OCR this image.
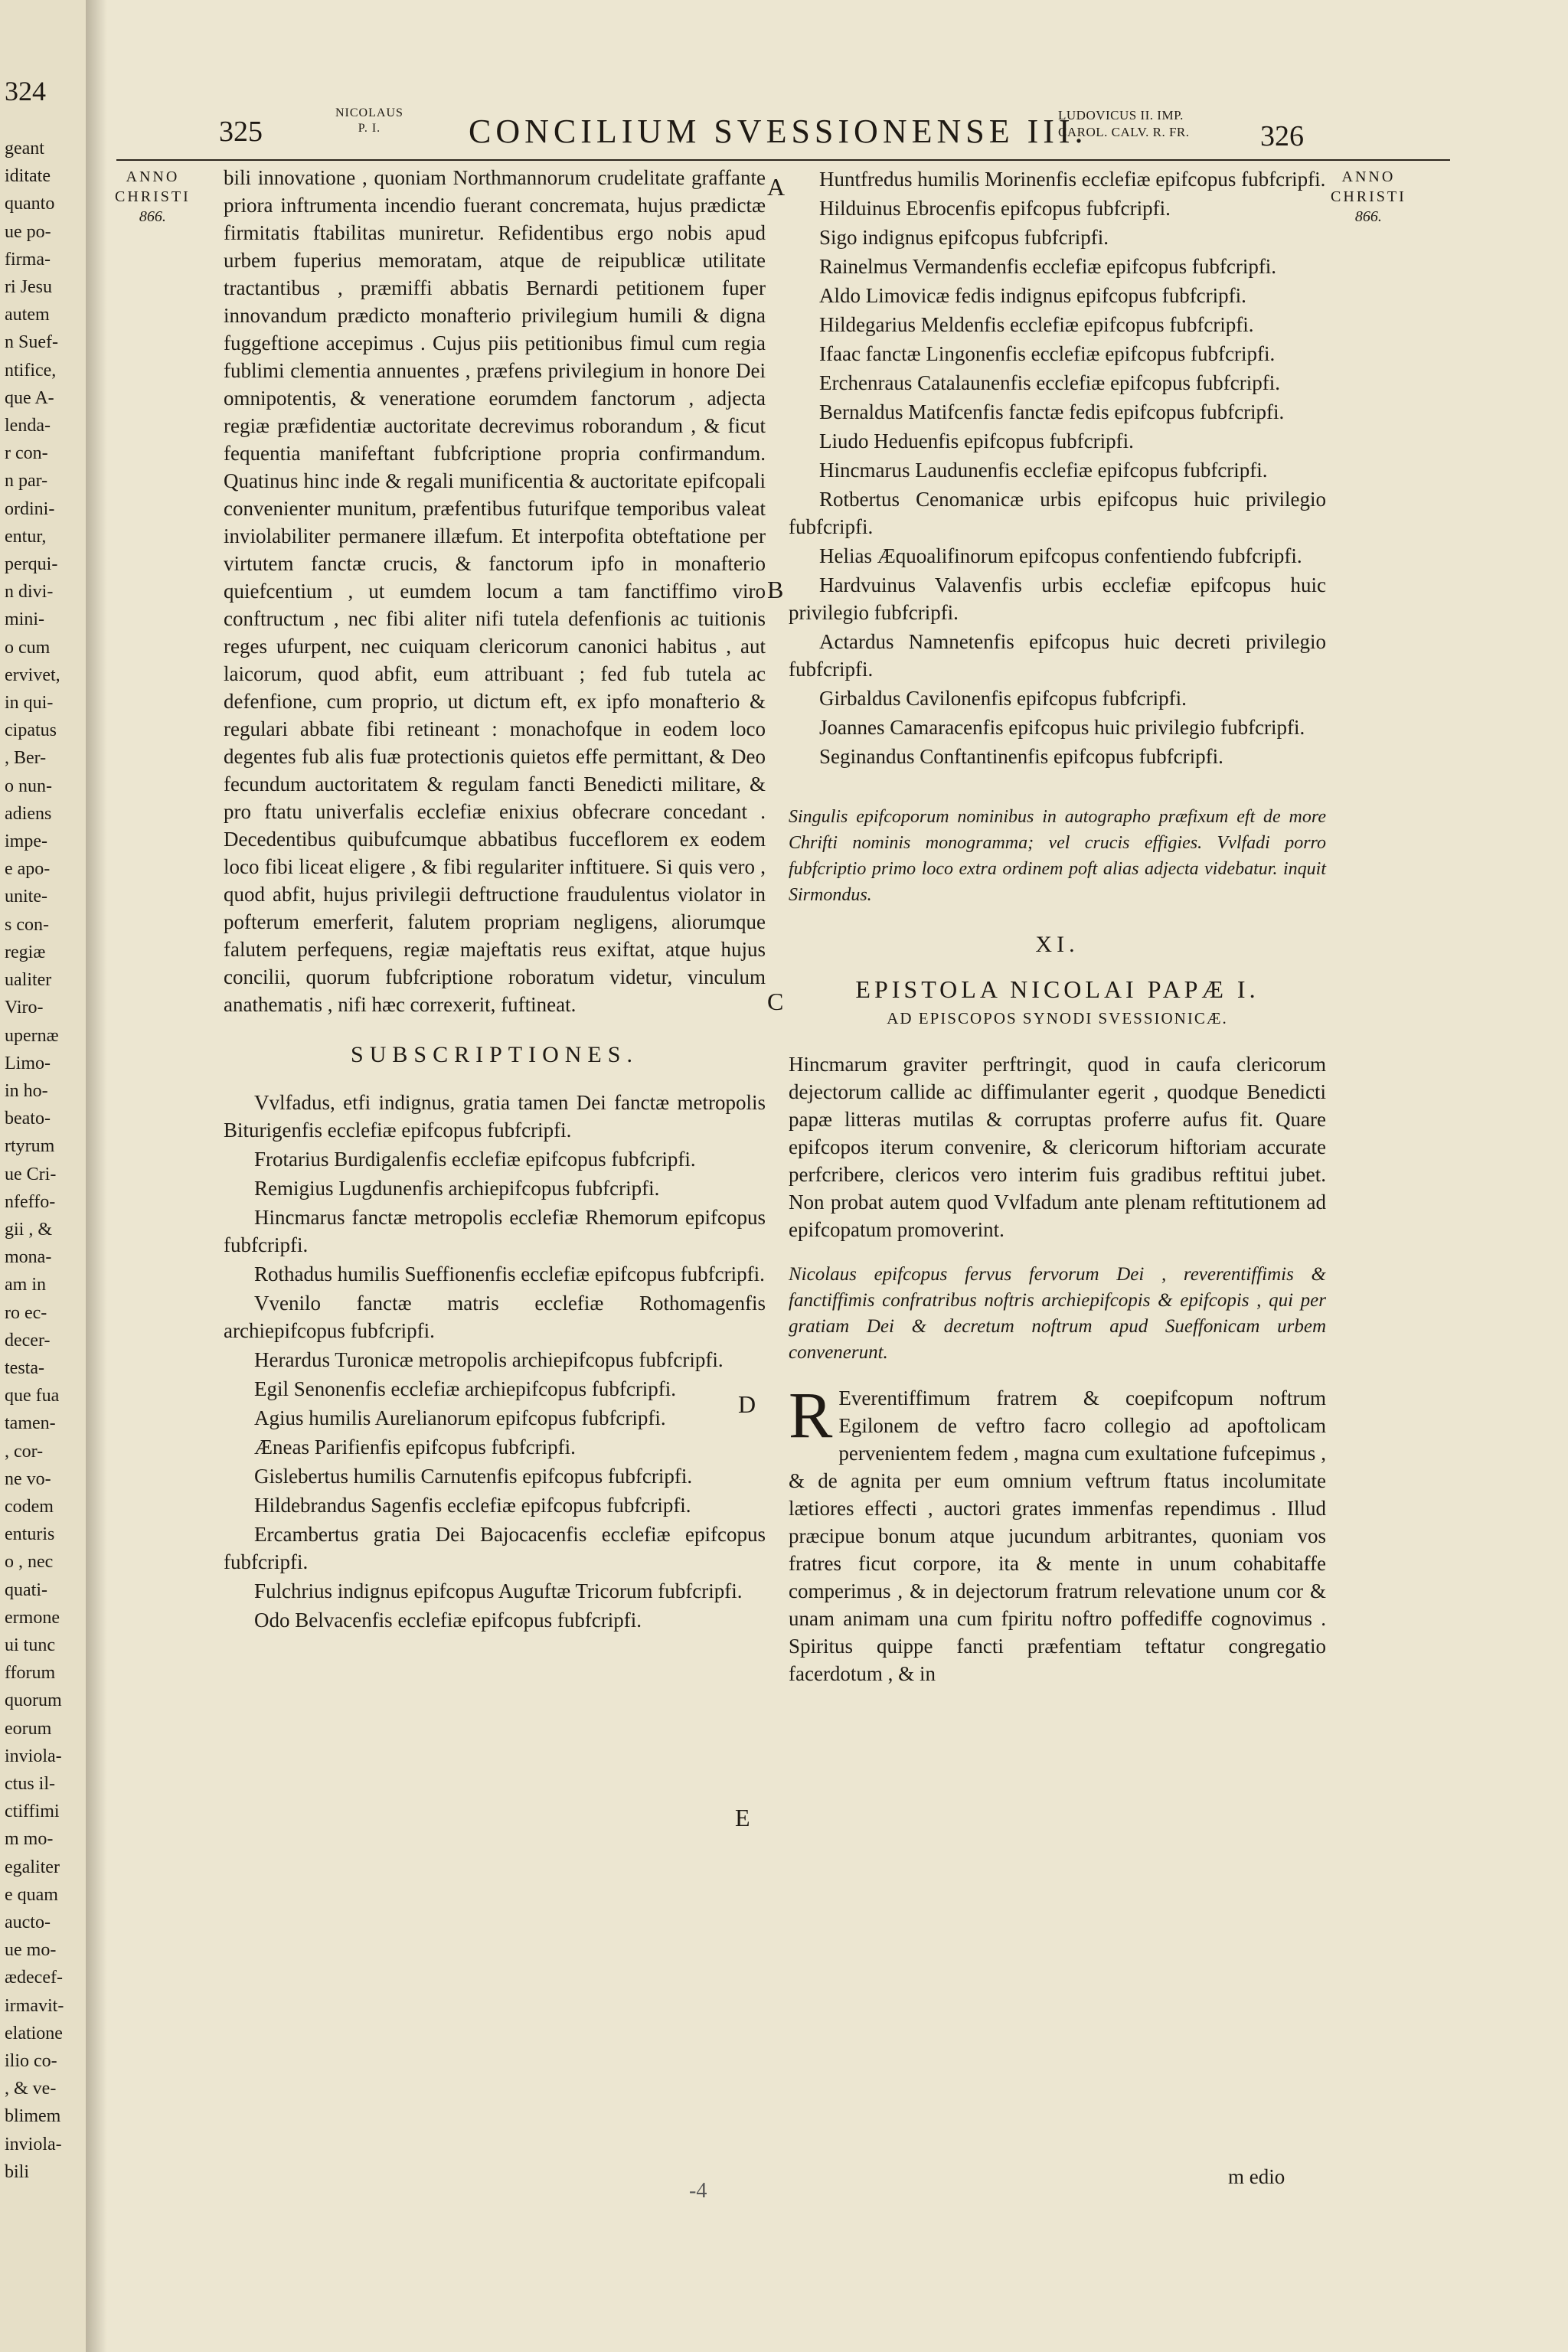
324
geant
iditate
quanto
ue po-
firma-
ri Jesu
autem
n Suef-
ntifice,
que A-
lenda-
r con-
n par-
ordini-
entur,
perqui-
n divi-
mini-
o cum
ervivet,
in qui-
cipatus
, Ber-
o nun-
adiens
impe-
e apo-
unite-
s con-
regiæ
ualiter
Viro-
upernæ
Limo-
in ho-
beato-
rtyrum
ue Cri-
nfeffo-
gii , &
mona-
am in
ro ec-
decer-
testa-
que fua
tamen-
, cor-
ne vo-
codem
enturis
o , nec
quati-
ermone
ui tunc
fforum
quorum
eorum
inviola-
ctus il-
ctiffimi
m mo-
egaliter
e quam
auсto-
ue mo-
ædecef-
irmavit-
elatione
ilio co-
, & ve-
blimem
inviola-
bili
325
NICOLAUS
P. I.	CONCILIUM SVESSIONENSE III.
LUDOVICUS II. IMP.
CAROL. CALV. R. FR. 326
ANNO
CHRISTI
866.
ANNO
CHRISTI
866.
A
B
C
D
E

bili innovatione , quoniam Northmannorum crudelitate graffante priora inftrumenta incendio fuerant concremata, hujus prædictæ firmitatis ftabilitas muniretur. Refidentibus ergo nobis apud urbem fuperius memoratam, atque de reipublicæ utilitate tractantibus , præmiffi abbatis Bernardi petitionem fuper innovandum prædicto monafterio privilegium humili & digna fuggeftione accepimus . Cujus piis petitionibus fimul cum regia fublimi clementia annuentes , præfens privilegium in honore Dei omnipotentis, & veneratione eorumdem fanctorum , adjecta regiæ præfidentiæ auctoritate decrevimus roborandum , & ficut fequentia manifeftant fubfcriptione propria confirmandum. Quatinus hinc inde & regali munificentia & auctoritate epifcopali convenienter munitum, præfentibus futurifque temporibus valeat inviolabiliter permanere illæfum. Et interpofita obteftatione per virtutem fanctæ crucis, & fanctorum ipfo in monafterio quiefcentium , ut eumdem locum a tam fanctiffimo viro conftructum , nec fibi aliter nifi tutela defenfionis ac tuitionis reges ufurpent, nec cuiquam clericorum canonici habitus , aut laicorum, quod abfit, eum attribuant ; fed fub tutela ac defenfione, cum proprio, ut dictum eft, ex ipfo monafterio & regulari abbate fibi retineant : monachofque in eodem loco degentes fub alis fuæ protectionis quietos effe permittant, & Deo fecundum auctoritatem & regulam fancti Benedicti militare, & pro ftatu univerfalis ecclefiæ enixius obfecrare concedant . Decedentibus quibufcumque abbatibus fucceflorem ex eodem loco fibi liceat eligere , & fibi regulariter inftituere. Si quis vero , quod abfit, hujus privilegii deftructione fraudulentus violator in pofterum emerferit, falutem propriam negligens, aliorumque falutem perfequens, regiæ majeftatis reus exiftat, atque hujus concilii, quorum fubfcriptione roboratum videtur, vinculum anathematis , nifi hæc correxerit, fuftineat.

SUBSCRIPTIONES.

Vvlfadus, etfi indignus, gratia tamen Dei fanctæ metropolis Biturigenfis ecclefiæ epifcopus fubfcripfi.

Frotarius Burdigalenfis ecclefiæ epifcopus fubfcripfi.

Remigius Lugdunenfis archiepifcopus fubfcripfi.

Hincmarus fanctæ metropolis ecclefiæ Rhemorum epifcopus fubfcripfi.

Rothadus humilis Sueffionenfis ecclefiæ epifcopus fubfcripfi.

Vvenilo fanctæ matris ecclefiæ Rothomagenfis archiepifcopus fubfcripfi.

Herardus Turonicæ metropolis archiepifcopus fubfcripfi.

Egil Senonenfis ecclefiæ archiepifcopus fubfcripfi.

Agius humilis Aurelianorum epifcopus fubfcripfi.

Æneas Parifienfis epifcopus fubfcripfi.

Gislebertus humilis Carnutenfis epifcopus fubfcripfi.

Hildebrandus Sagenfis ecclefiæ epifcopus fubfcripfi.

Ercambertus gratia Dei Bajocacenfis ecclefiæ epifcopus fubfcripfi.

Fulchrius indignus epifcopus Auguftæ Tricorum fubfcripfi.

Odo Belvacenfis ecclefiæ epifcopus fubfcripfi.

Huntfredus humilis Morinenfis ecclefiæ epifcopus fubfcripfi.

Hilduinus Ebrocenfis epifcopus fubfcripfi.

Sigo indignus epifcopus fubfcripfi.

Rainelmus Vermandenfis ecclefiæ epifcopus fubfcripfi.

Aldo Limovicæ fedis indignus epifcopus fubfcripfi.

Hildegarius Meldenfis ecclefiæ epifcopus fubfcripfi.

Ifaac fanctæ Lingonenfis ecclefiæ epifcopus fubfcripfi.

Erchenraus Catalaunenfis ecclefiæ epifcopus fubfcripfi.

Bernaldus Matifcenfis fanctæ fedis epifcopus fubfcripfi.

Liudo Heduenfis epifcopus fubfcripfi.

Hincmarus Laudunenfis ecclefiæ epifcopus fubfcripfi.

Rotbertus Cenomanicæ urbis epifcopus huic privilegio fubfcripfi.

Helias Æquoalifinorum epifcopus confentiendo fubfcripfi.

Hardvuinus Valavenfis urbis ecclefiæ epifcopus huic privilegio fubfcripfi.

Actardus Namnetenfis epifcopus huic decreti privilegio fubfcripfi.

Girbaldus Cavilonenfis epifcopus fubfcripfi.

Joannes Camaracenfis epifcopus huic privilegio fubfcripfi.

Seginandus Conftantinenfis epifcopus fubfcripfi.

Singulis epifcoporum nominibus in autographo præfixum eft de more Chrifti nominis monogramma; vel crucis effigies. Vvlfadi porro fubfcriptio primo loco extra ordinem poft alias adjecta videbatur. inquit Sirmondus.

XI.

EPISTOLA NICOLAI PAPÆ I.

AD EPISCOPOS SYNODI SVESSIONICÆ.

Hincmarum graviter perftringit, quod in caufa clericorum dejectorum callide ac diffimulanter egerit , quodque Benedicti papæ litteras mutilas & corruptas proferre aufus fit. Quare epifcopos iterum convenire, & clericorum hiftoriam accurate perfcribere, clericos vero interim fuis gradibus reftitui jubet. Non probat autem quod Vvlfadum ante plenam reftitutionem ad epifcopatum promoverint.

Nicolaus epifcopus fervus fervorum Dei , reverentiffimis & fanctiffimis confratribus noftris archiepifcopis & epifcopis , qui per gratiam Dei & decretum noftrum apud Sueffonicam urbem convenerunt.

R Everentiffimum fratrem & coepifcopum noftrum Egilonem de veftro facro collegio ad apoftolicam pervenientem fedem , magna cum exultatione fufcepimus , & de agnita per eum omnium veftrum ftatus incolumitate lætiores effecti , auctori grates immenfas rependimus . Illud præcipue bonum atque jucundum arbitrantes, quoniam vos fratres ficut corpore, ita & mente in unum cohabitaffe comperimus , & in dejectorum fratrum relevatione unum cor & unam animam una cum fpiritu noftro poffediffe cognovimus . Spiritus quippe fancti præfentiam teftatur congregatio facerdotum , & in

m edio
-4
